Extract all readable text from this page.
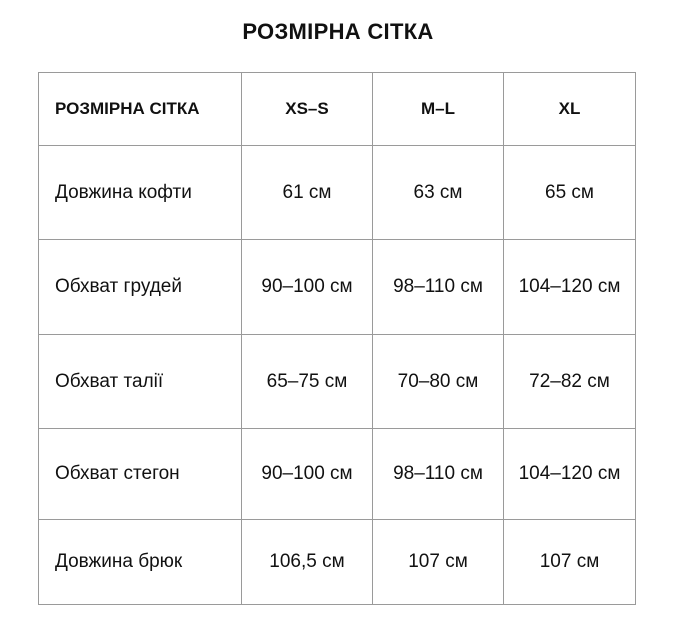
РОЗМІРНА СІТКА
РОЗМІРНА СІТКА	XS–S	M–L	XL
Довжина кофти	61 см	63 см	65 см
Обхват грудей	90–100 см	98–110 см	104–120 см
Обхват талії	65–75 см	70–80 см	72–82 см
Обхват стегон	90–100 см	98–110 см	104–120 см
Довжина брюк	106,5 см	107 см	107 см
